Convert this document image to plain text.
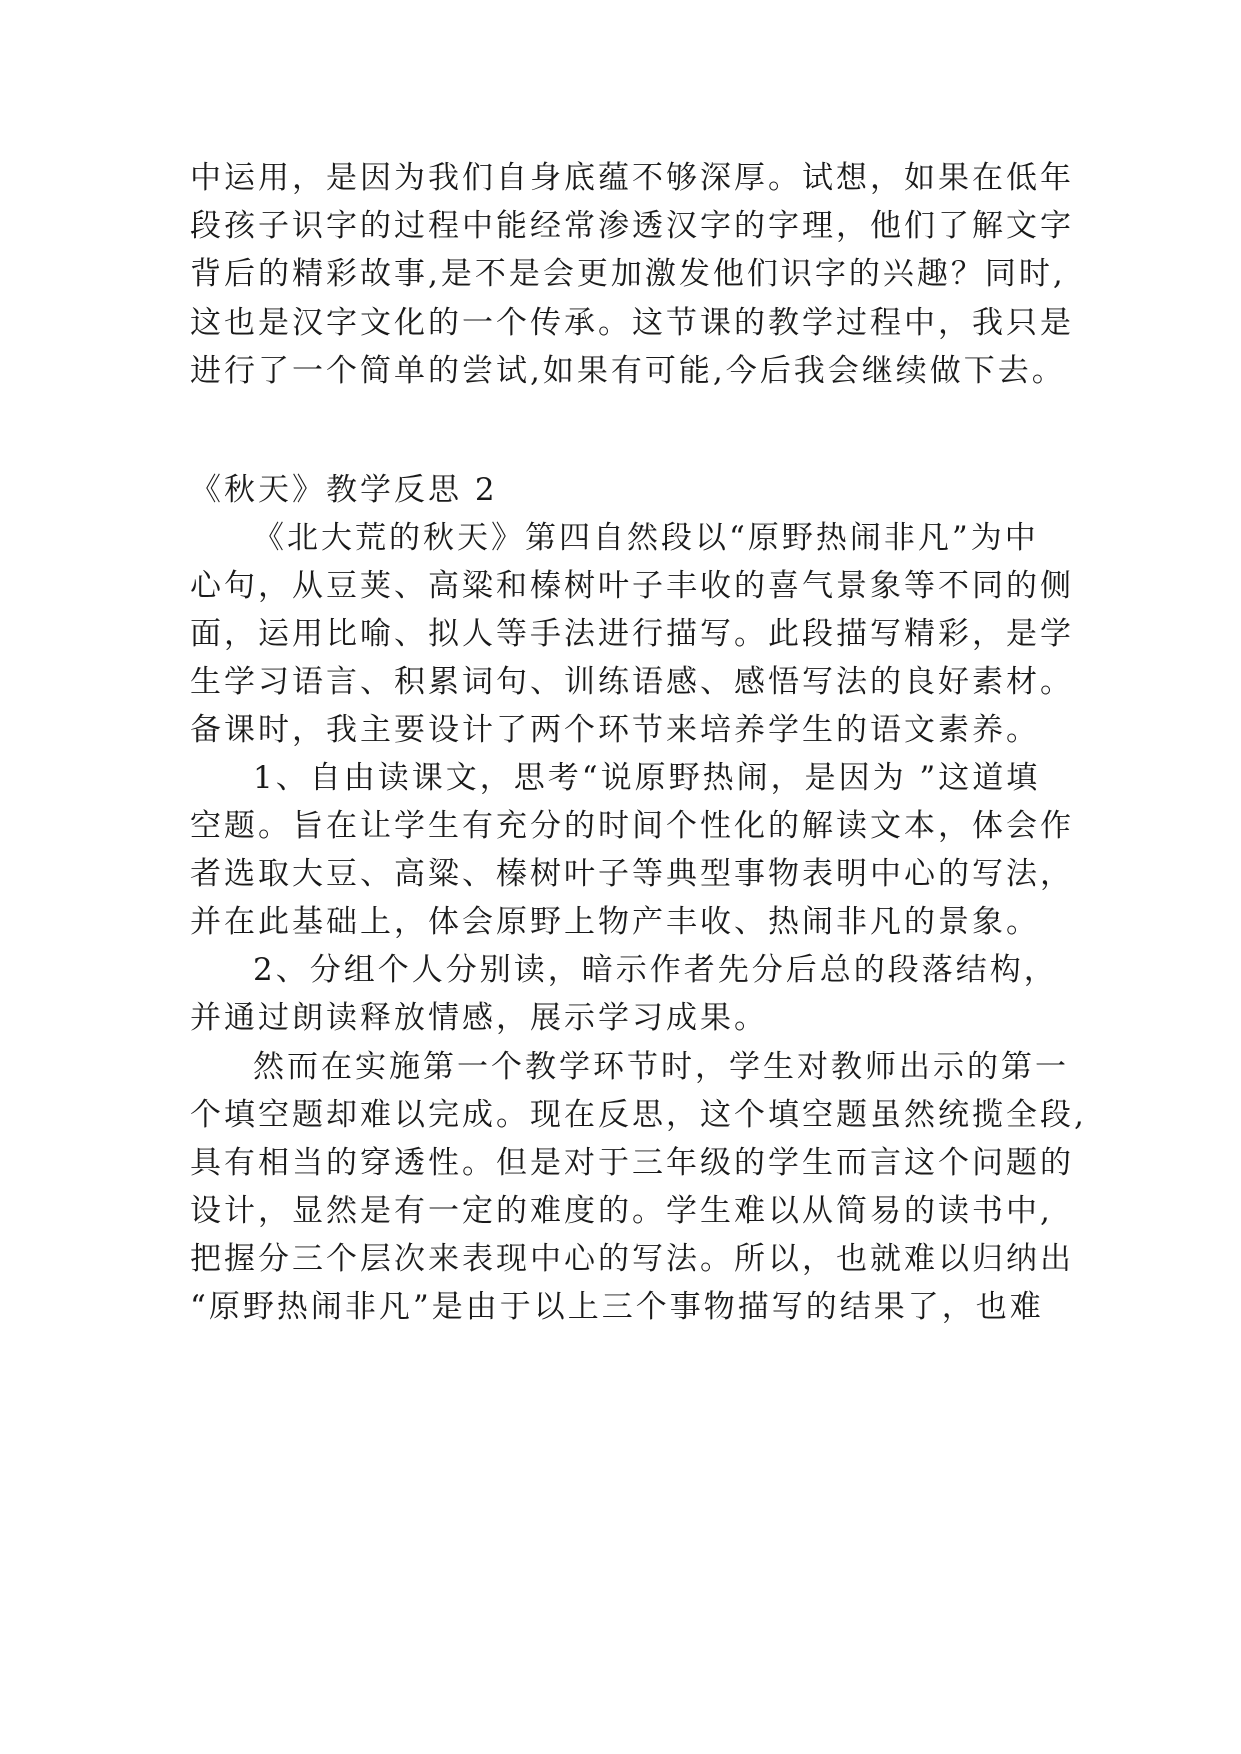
中运用，是因为我们自身底蕴不够深厚。试想，如果在低年
段孩子识字的过程中能经常渗透汉字的字理，他们了解文字
背后的精彩故事,是不是会更加激发他们识字的兴趣？同时,
这也是汉字文化的一个传承。这节课的教学过程中，我只是
进行了一个简单的尝试,如果有可能,今后我会继续做下去。
《秋天》教学反思 2
《北大荒的秋天》第四自然段以“原野热闹非凡”为中
心句，从豆荚、高粱和榛树叶子丰收的喜气景象等不同的侧
面，运用比喻、拟人等手法进行描写。此段描写精彩，是学
生学习语言、积累词句、训练语感、感悟写法的良好素材。
备课时，我主要设计了两个环节来培养学生的语文素养。
1、自由读课文，思考“说原野热闹，是因为 ”这道填
空题。旨在让学生有充分的时间个性化的解读文本，体会作
者选取大豆、高粱、榛树叶子等典型事物表明中心的写法，
并在此基础上，体会原野上物产丰收、热闹非凡的景象。
2、分组个人分别读，暗示作者先分后总的段落结构，
并通过朗读释放情感，展示学习成果。
然而在实施第一个教学环节时，学生对教师出示的第一
个填空题却难以完成。现在反思，这个填空题虽然统揽全段,
具有相当的穿透性。但是对于三年级的学生而言这个问题的
设计，显然是有一定的难度的。学生难以从简易的读书中,
把握分三个层次来表现中心的写法。所以，也就难以归纳出
“原野热闹非凡”是由于以上三个事物描写的结果了，也难
